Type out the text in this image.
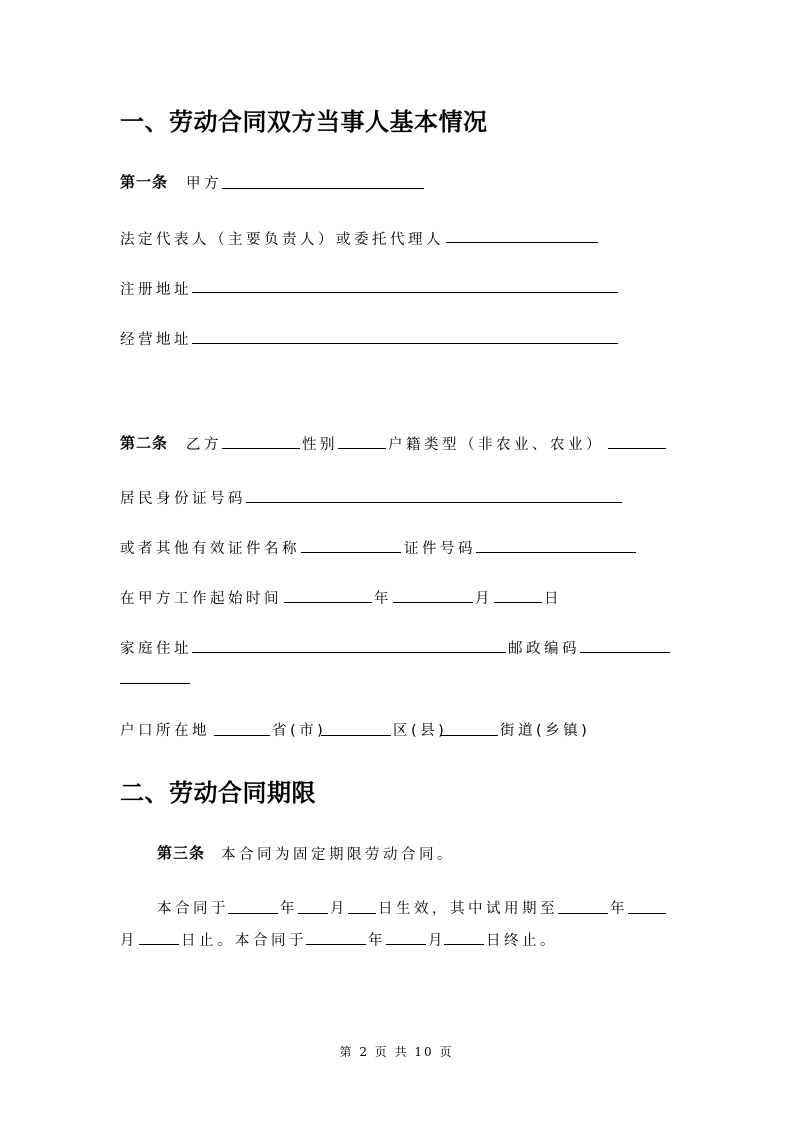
一、劳动合同双方当事人基本情况
第一条 甲方
法定代表人（主要负责人）或委托代理人
注册地址
经营地址
第二条 乙方	性别	户籍类型（非农业、农业）
居民身份证号码
或者其他有效证件名称	证件号码
在甲方工作起始时间	年	月	日
家庭住址	邮政编码
户口所在地	省(市)	区(县)	街道(乡镇)
二、劳动合同期限
第三条 本合同为固定期限劳动合同。
本合同于	年 月 日生效，其中试用期至	年
月	日止。本合同于	年	月	日终止。
第 2 页 共 10 页
